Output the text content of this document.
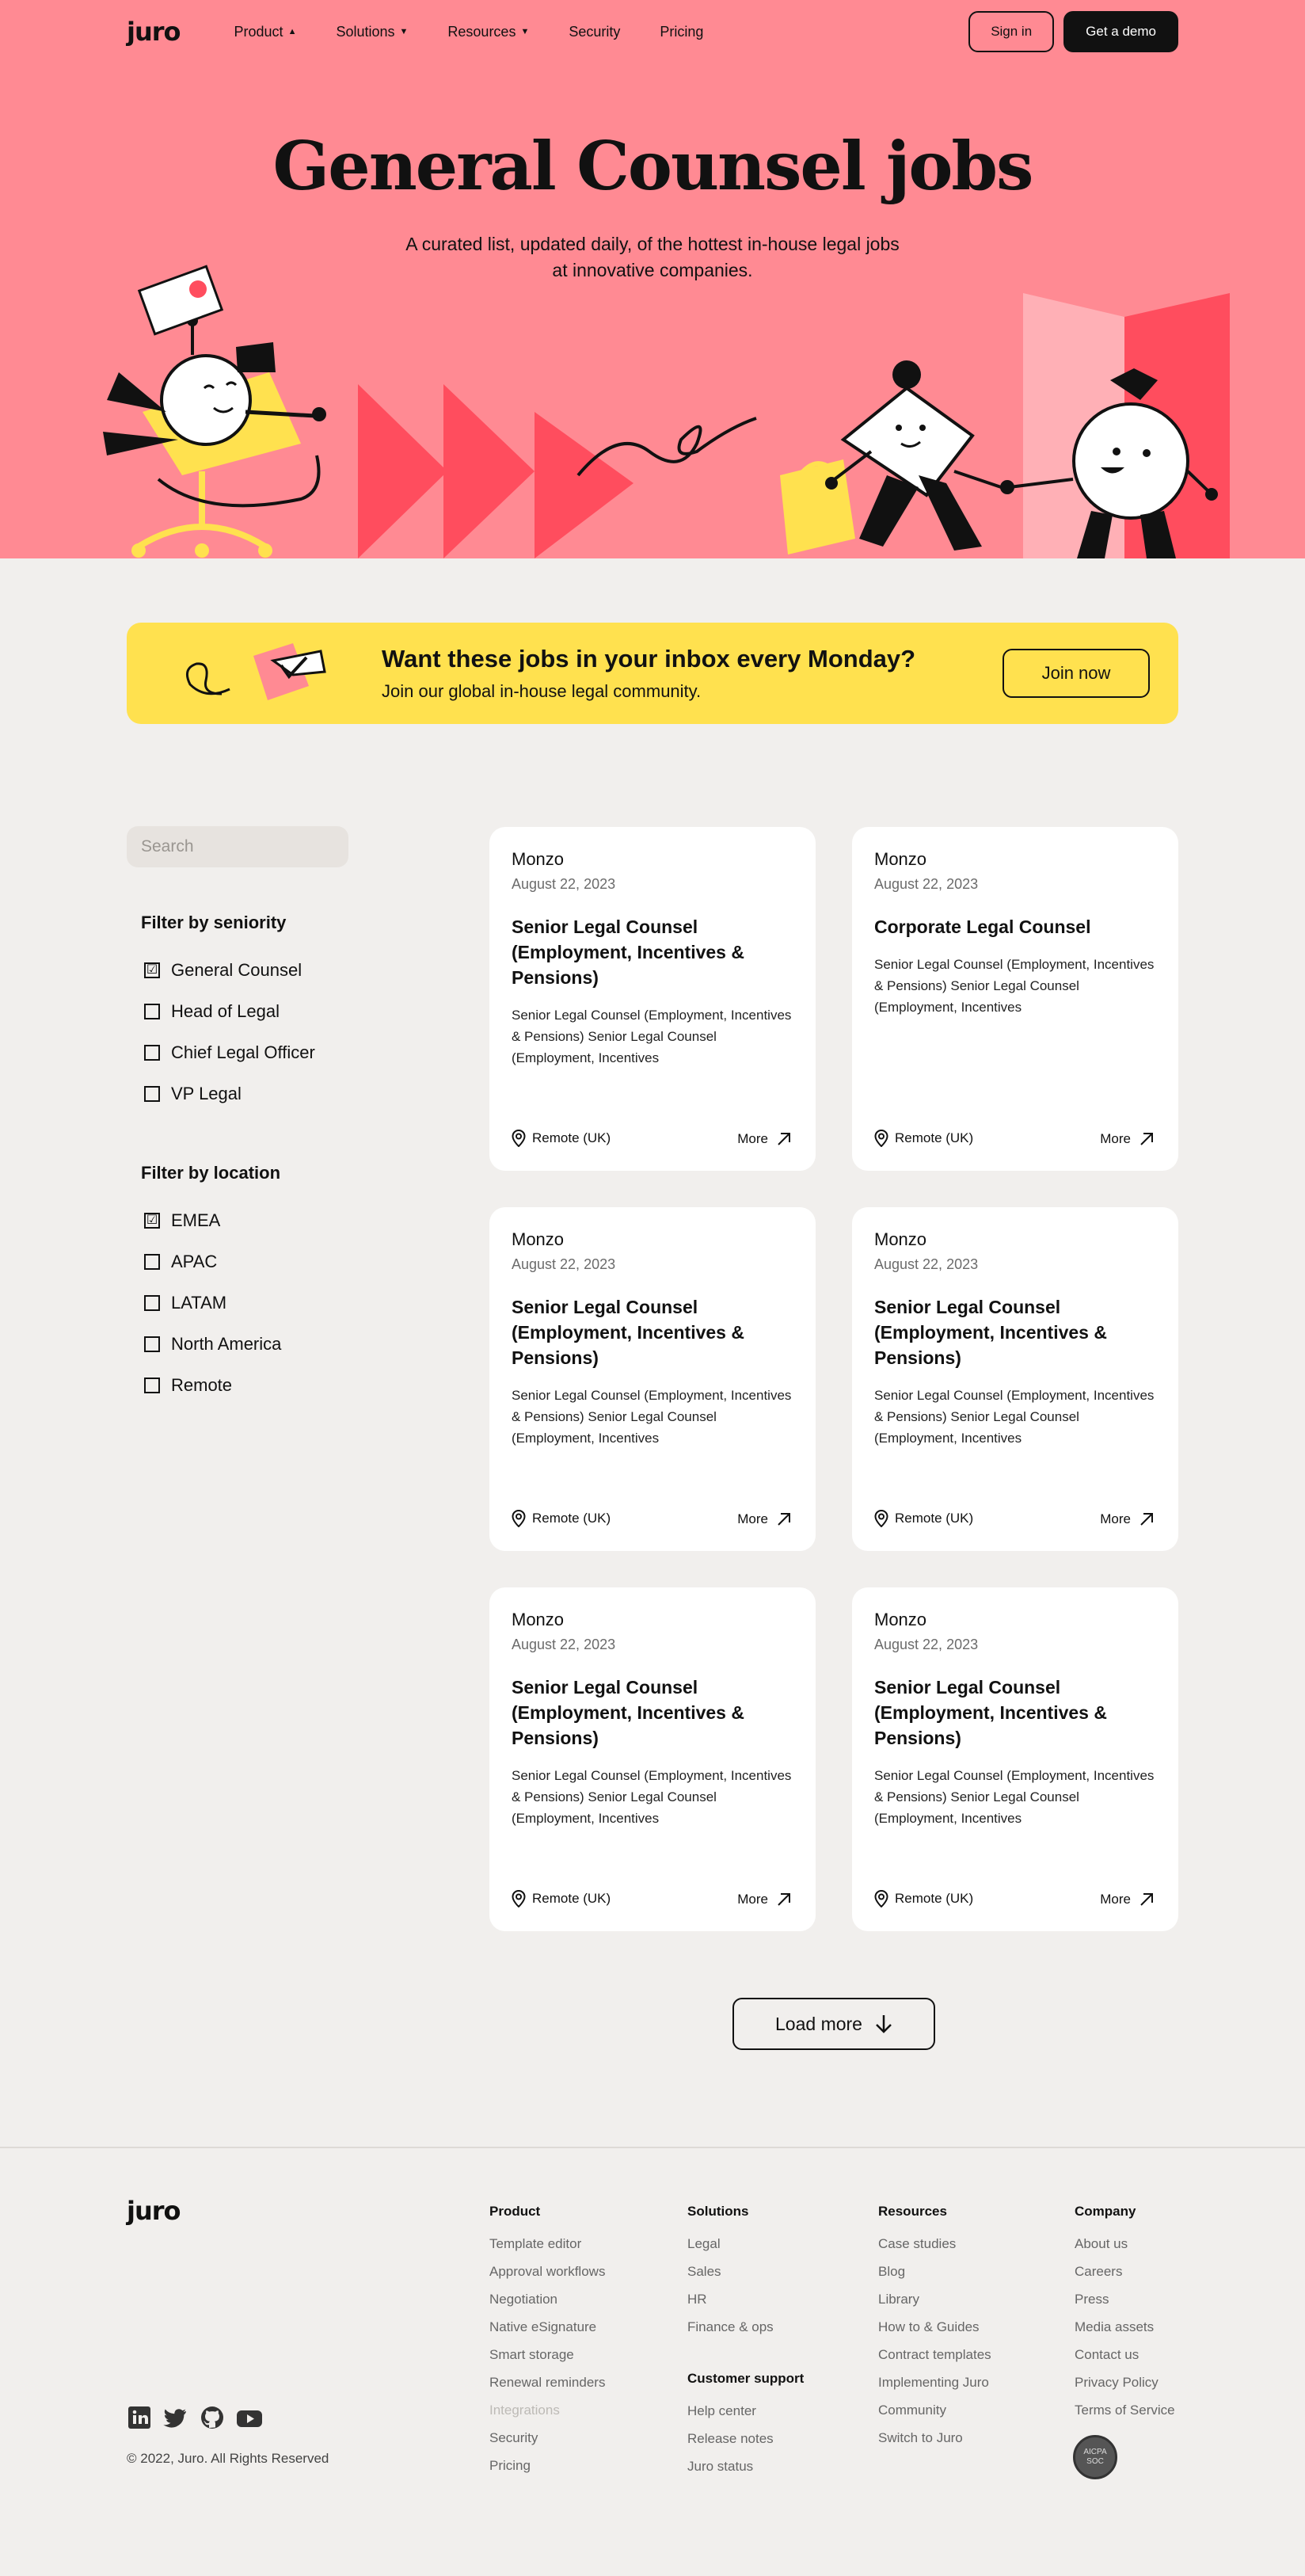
juro	Product ▲	Solutions ▼	Resources ▼	Security	Pricing	Sign in	Get a demo
General Counsel jobs

A curated list, updated daily, of the hottest in-house legal jobs at innovative companies.

Want these jobs in your inbox every Monday?
Join our global in-house legal community.
Join now
Search
Filter by seniority
☑ General Counsel
Head of Legal
Chief Legal Officer
VP Legal
Filter by location
☑ EMEA
APAC
LATAM
North America
Remote
Monzo
August 22, 2023
Senior Legal Counsel (Employment, Incentives & Pensions)
Senior Legal Counsel (Employment, Incentives & Pensions) Senior Legal Counsel (Employment, Incentives
Remote (UK)	More
Monzo
August 22, 2023
Corporate Legal Counsel
Senior Legal Counsel (Employment, Incentives & Pensions) Senior Legal Counsel (Employment, Incentives
Remote (UK)	More
Monzo
August 22, 2023
Senior Legal Counsel (Employment, Incentives & Pensions)
Senior Legal Counsel (Employment, Incentives & Pensions) Senior Legal Counsel (Employment, Incentives
Remote (UK)	More
Monzo
August 22, 2023
Senior Legal Counsel (Employment, Incentives & Pensions)
Senior Legal Counsel (Employment, Incentives & Pensions) Senior Legal Counsel (Employment, Incentives
Remote (UK)	More
Monzo
August 22, 2023
Senior Legal Counsel (Employment, Incentives & Pensions)
Senior Legal Counsel (Employment, Incentives & Pensions) Senior Legal Counsel (Employment, Incentives
Remote (UK)	More
Monzo
August 22, 2023
Senior Legal Counsel (Employment, Incentives & Pensions)
Senior Legal Counsel (Employment, Incentives & Pensions) Senior Legal Counsel (Employment, Incentives
Remote (UK)	More
Load more
juro	Product
Template editor
Approval workflows
Negotiation
Native eSignature
Smart storage
Renewal reminders
Integrations
Security
Pricing
Solutions
Legal
Sales
HR
Finance & ops
Customer support
Help center
Release notes
Juro status
Resources
Case studies
Blog
Library
How to & Guides
Contract templates
Implementing Juro
Community
Switch to Juro
Company
About us
Careers
Press
Media assets
Contact us
Privacy Policy
Terms of Service
AICPA
SOC
© 2022, Juro. All Rights Reserved
